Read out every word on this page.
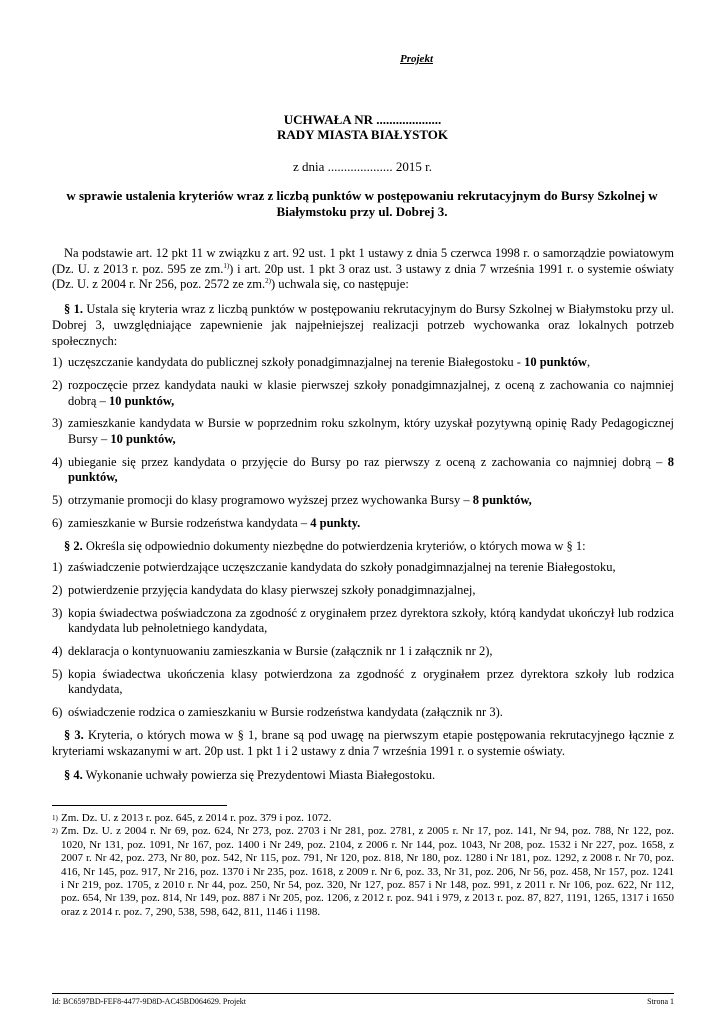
Projekt
UCHWAŁA NR ....................
RADY MIASTA BIAŁYSTOK
z dnia .................... 2015 r.
w sprawie ustalenia kryteriów wraz z liczbą punktów w postępowaniu rekrutacyjnym do Bursy Szkolnej w Białymstoku przy ul. Dobrej 3.

Na podstawie art. 12 pkt 11 w związku z art. 92 ust. 1 pkt 1 ustawy z dnia 5 czerwca 1998 r. o samorządzie powiatowym (Dz. U. z 2013 r. poz. 595 ze zm.$^{1)}$) i art. 20p ust. 1 pkt 3 oraz ust. 3 ustawy z dnia 7 września 1991 r. o systemie oświaty (Dz. U. z 2004 r. Nr 256, poz. 2572 ze zm.$^{2)}$) uchwala się, co następuje:

§ 1. Ustala się kryteria wraz z liczbą punktów w postępowaniu rekrutacyjnym do Bursy Szkolnej w Białymstoku przy ul. Dobrej 3, uwzględniające zapewnienie jak najpełniejszej realizacji potrzeb wychowanka oraz lokalnych potrzeb społecznych:

1) uczęszczanie kandydata do publicznej szkoły ponadgimnazjalnej na terenie Białegostoku - 10 punktów,
2) rozpoczęcie przez kandydata nauki w klasie pierwszej szkoły ponadgimnazjalnej, z oceną z zachowania co najmniej dobrą – 10 punktów,
3) zamieszkanie kandydata w Bursie w poprzednim roku szkolnym, który uzyskał pozytywną opinię Rady Pedagogicznej Bursy – 10 punktów,
4) ubieganie się przez kandydata o przyjęcie do Bursy po raz pierwszy z oceną z zachowania co najmniej dobrą – 8 punktów,
5) otrzymanie promocji do klasy programowo wyższej przez wychowanka Bursy – 8 punktów,
6) zamieszkanie w Bursie rodzeństwa kandydata – 4 punkty.

§ 2. Określa się odpowiednio dokumenty niezbędne do potwierdzenia kryteriów, o których mowa w § 1:

1) zaświadczenie potwierdzające uczęszczanie kandydata do szkoły ponadgimnazjalnej na terenie Białegostoku,
2) potwierdzenie przyjęcia kandydata do klasy pierwszej szkoły ponadgimnazjalnej,
3) kopia świadectwa poświadczona za zgodność z oryginałem przez dyrektora szkoły, którą kandydat ukończył lub rodzica kandydata lub pełnoletniego kandydata,
4) deklaracja o kontynuowaniu zamieszkania w Bursie (załącznik nr 1 i załącznik nr 2),
5) kopia świadectwa ukończenia klasy potwierdzona za zgodność z oryginałem przez dyrektora szkoły lub rodzica kandydata,
6) oświadczenie rodzica o zamieszkaniu w Bursie rodzeństwa kandydata (załącznik nr 3).

§ 3. Kryteria, o których mowa w § 1, brane są pod uwagę na pierwszym etapie postępowania rekrutacyjnego łącznie z kryteriami wskazanymi w art. 20p ust. 1 pkt 1 i 2 ustawy z dnia 7 września 1991 r. o systemie oświaty.

§ 4. Wykonanie uchwały powierza się Prezydentowi Miasta Białegostoku.

1) Zm. Dz. U. z 2013 r. poz. 645, z 2014 r. poz. 379 i poz. 1072.
2) Zm. Dz. U. z 2004 r. Nr 69, poz. 624, Nr 273, poz. 2703 i Nr 281, poz. 2781, z 2005 r. Nr 17, poz. 141, Nr 94, poz. 788, Nr 122, poz. 1020, Nr 131, poz. 1091, Nr 167, poz. 1400 i Nr 249, poz. 2104, z 2006 r. Nr 144, poz. 1043, Nr 208, poz. 1532 i Nr 227, poz. 1658, z 2007 r. Nr 42, poz. 273, Nr 80, poz. 542, Nr 115, poz. 791, Nr 120, poz. 818, Nr 180, poz. 1280 i Nr 181, poz. 1292, z 2008 r. Nr 70, poz. 416, Nr 145, poz. 917, Nr 216, poz. 1370 i Nr 235, poz. 1618, z 2009 r. Nr 6, poz. 33, Nr 31, poz. 206, Nr 56, poz. 458, Nr 157, poz. 1241 i Nr 219, poz. 1705, z 2010 r. Nr 44, poz. 250, Nr 54, poz. 320, Nr 127, poz. 857 i Nr 148, poz. 991, z 2011 r. Nr 106, poz. 622, Nr 112, poz. 654, Nr 139, poz. 814, Nr 149, poz. 887 i Nr 205, poz. 1206, z 2012 r. poz. 941 i 979, z 2013 r. poz. 87, 827, 1191, 1265, 1317 i 1650 oraz z 2014 r. poz. 7, 290, 538, 598, 642, 811, 1146 i 1198.
Id: BC6597BD-FEF8-4477-9D8D-AC45BD064629. Projekt	Strona 1
